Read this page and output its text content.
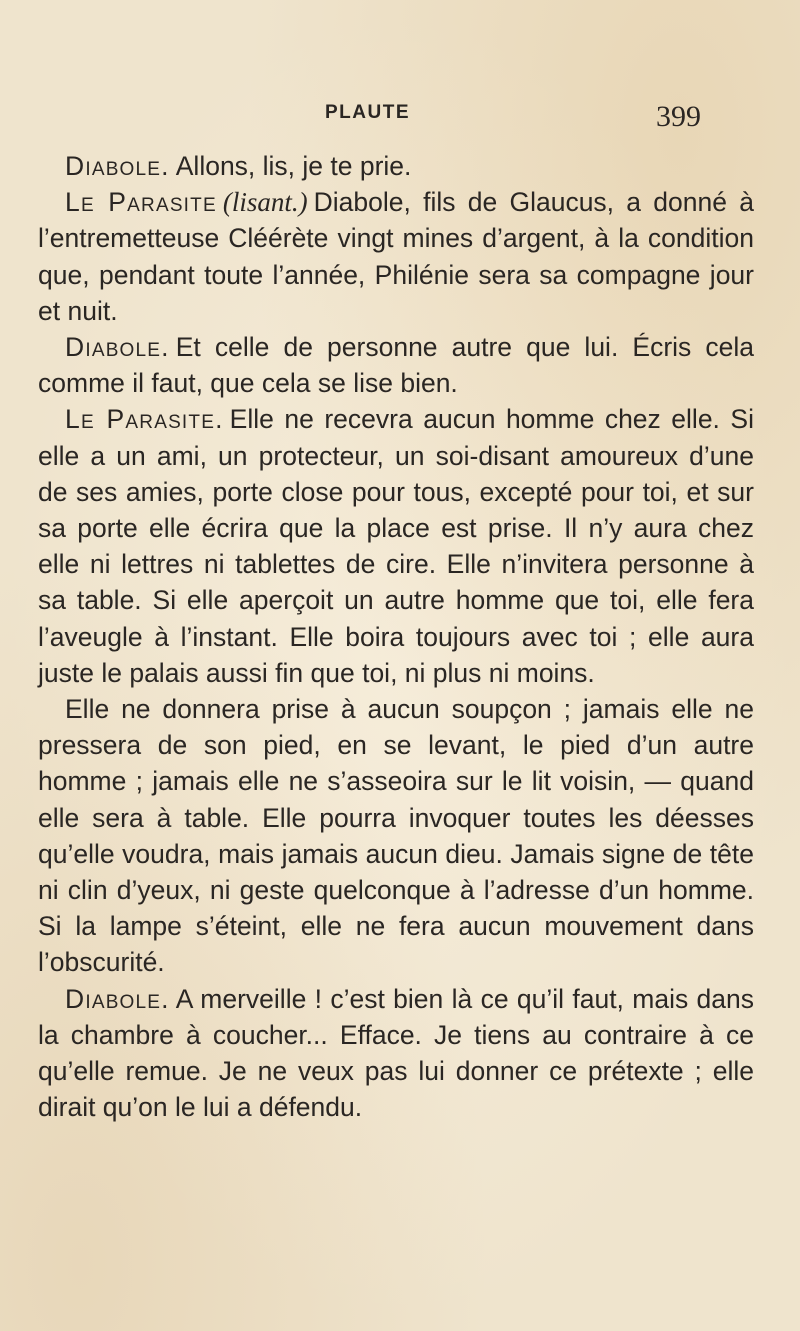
PLAUTE	399

Diabole. Allons, lis, je te prie.

Le Parasite (lisant.) Diabole, fils de Glaucus, a donné à l’entremetteuse Cléérète vingt mines d’argent, à la condition que, pendant toute l’année, Philénie sera sa compagne jour et nuit.

Diabole. Et celle de personne autre que lui. Écris cela comme il faut, que cela se lise bien.

Le Parasite. Elle ne recevra aucun homme chez elle. Si elle a un ami, un protecteur, un soi-disant amoureux d’une de ses amies, porte close pour tous, excepté pour toi, et sur sa porte elle écrira que la place est prise. Il n’y aura chez elle ni lettres ni tablettes de cire. Elle n’invitera personne à sa table. Si elle aperçoit un autre homme que toi, elle fera l’aveugle à l’instant. Elle boira toujours avec toi ; elle aura juste le palais aussi fin que toi, ni plus ni moins.

Elle ne donnera prise à aucun soupçon ; jamais elle ne pressera de son pied, en se levant, le pied d’un autre homme ; jamais elle ne s’asseoira sur le lit voisin, — quand elle sera à table. Elle pourra invoquer toutes les déesses qu’elle voudra, mais jamais aucun dieu. Jamais signe de tête ni clin d’yeux, ni geste quelconque à l’adresse d’un homme. Si la lampe s’éteint, elle ne fera aucun mouvement dans l’obscurité.

Diabole. A merveille ! c’est bien là ce qu’il faut, mais dans la chambre à coucher... Efface. Je tiens au contraire à ce qu’elle remue. Je ne veux pas lui donner ce prétexte ; elle dirait qu’on le lui a défendu.
